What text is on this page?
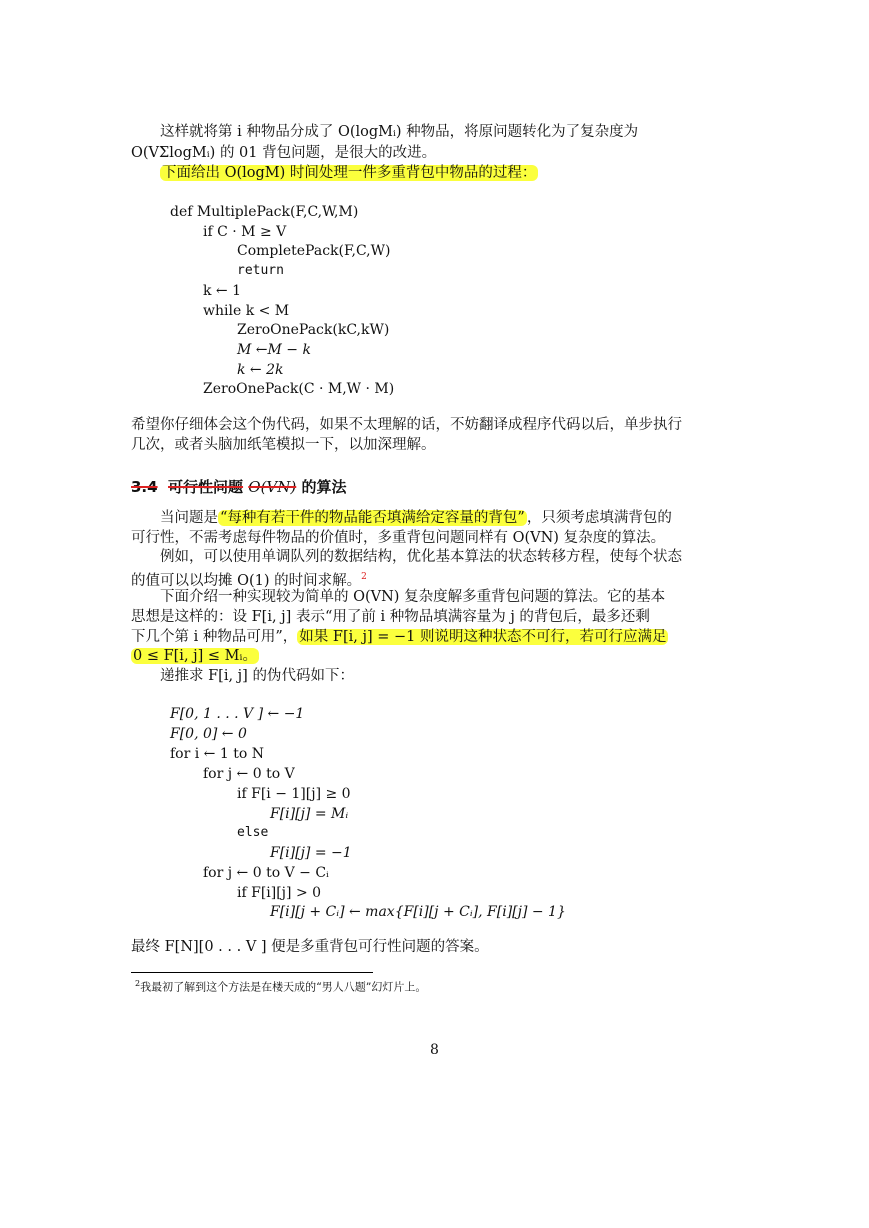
这样就将第 i 种物品分成了 O(logMᵢ) 种物品，将原问题转化为了复杂度为
O(VΣlogMᵢ) 的 01 背包问题，是很大的改进。
下面给出 O(logM) 时间处理一件多重背包中物品的过程：
def MultiplePack(F,C,W,M)
if C · M ≥ V
CompletePack(F,C,W)
return
k ← 1
while k < M
ZeroOnePack(kC,kW)
M ←M − k
k ← 2k
ZeroOnePack(C · M,W · M)
希望你仔细体会这个伪代码，如果不太理解的话，不妨翻译成程序代码以后，单步执行
几次，或者头脑加纸笔模拟一下，以加深理解。
3.4 可行性问题 O(VN) 的算法
当问题是 “每种有若干件的物品能否填满给定容量的背包” ，只须考虑填满背包的
可行性，不需考虑每件物品的价值时，多重背包问题同样有 O(VN) 复杂度的算法。
例如，可以使用单调队列的数据结构，优化基本算法的状态转移方程，使每个状态
的值可以以均摊 O(1) 的时间求解。$^2$
下面介绍一种实现较为简单的 O(VN) 复杂度解多重背包问题的算法。它的基本
思想是这样的：设 F[i, j] 表示“用了前 i 种物品填满容量为 j 的背包后，最多还剩
下几个第 i 种物品可用”， 如果 F[i, j] = −1 则说明这种状态不可行，若可行应满足
0 ≤ F[i, j] ≤ Mᵢ。
递推求 F[i, j] 的伪代码如下：
F[0, 1 . . . V ] ← −1
F[0, 0] ← 0
for i ← 1 to N
for j ← 0 to V
if F[i − 1][j] ≥ 0
F[i][j] = Mᵢ
else
F[i][j] = −1
for j ← 0 to V − Cᵢ
if F[i][j] > 0
F[i][j + Cᵢ] ← max{F[i][j + Cᵢ], F[i][j] − 1}
最终 F[N][0 . . . V ] 便是多重背包可行性问题的答案。
$^2$我最初了解到这个方法是在楼天成的“男人八题”幻灯片上。
8
